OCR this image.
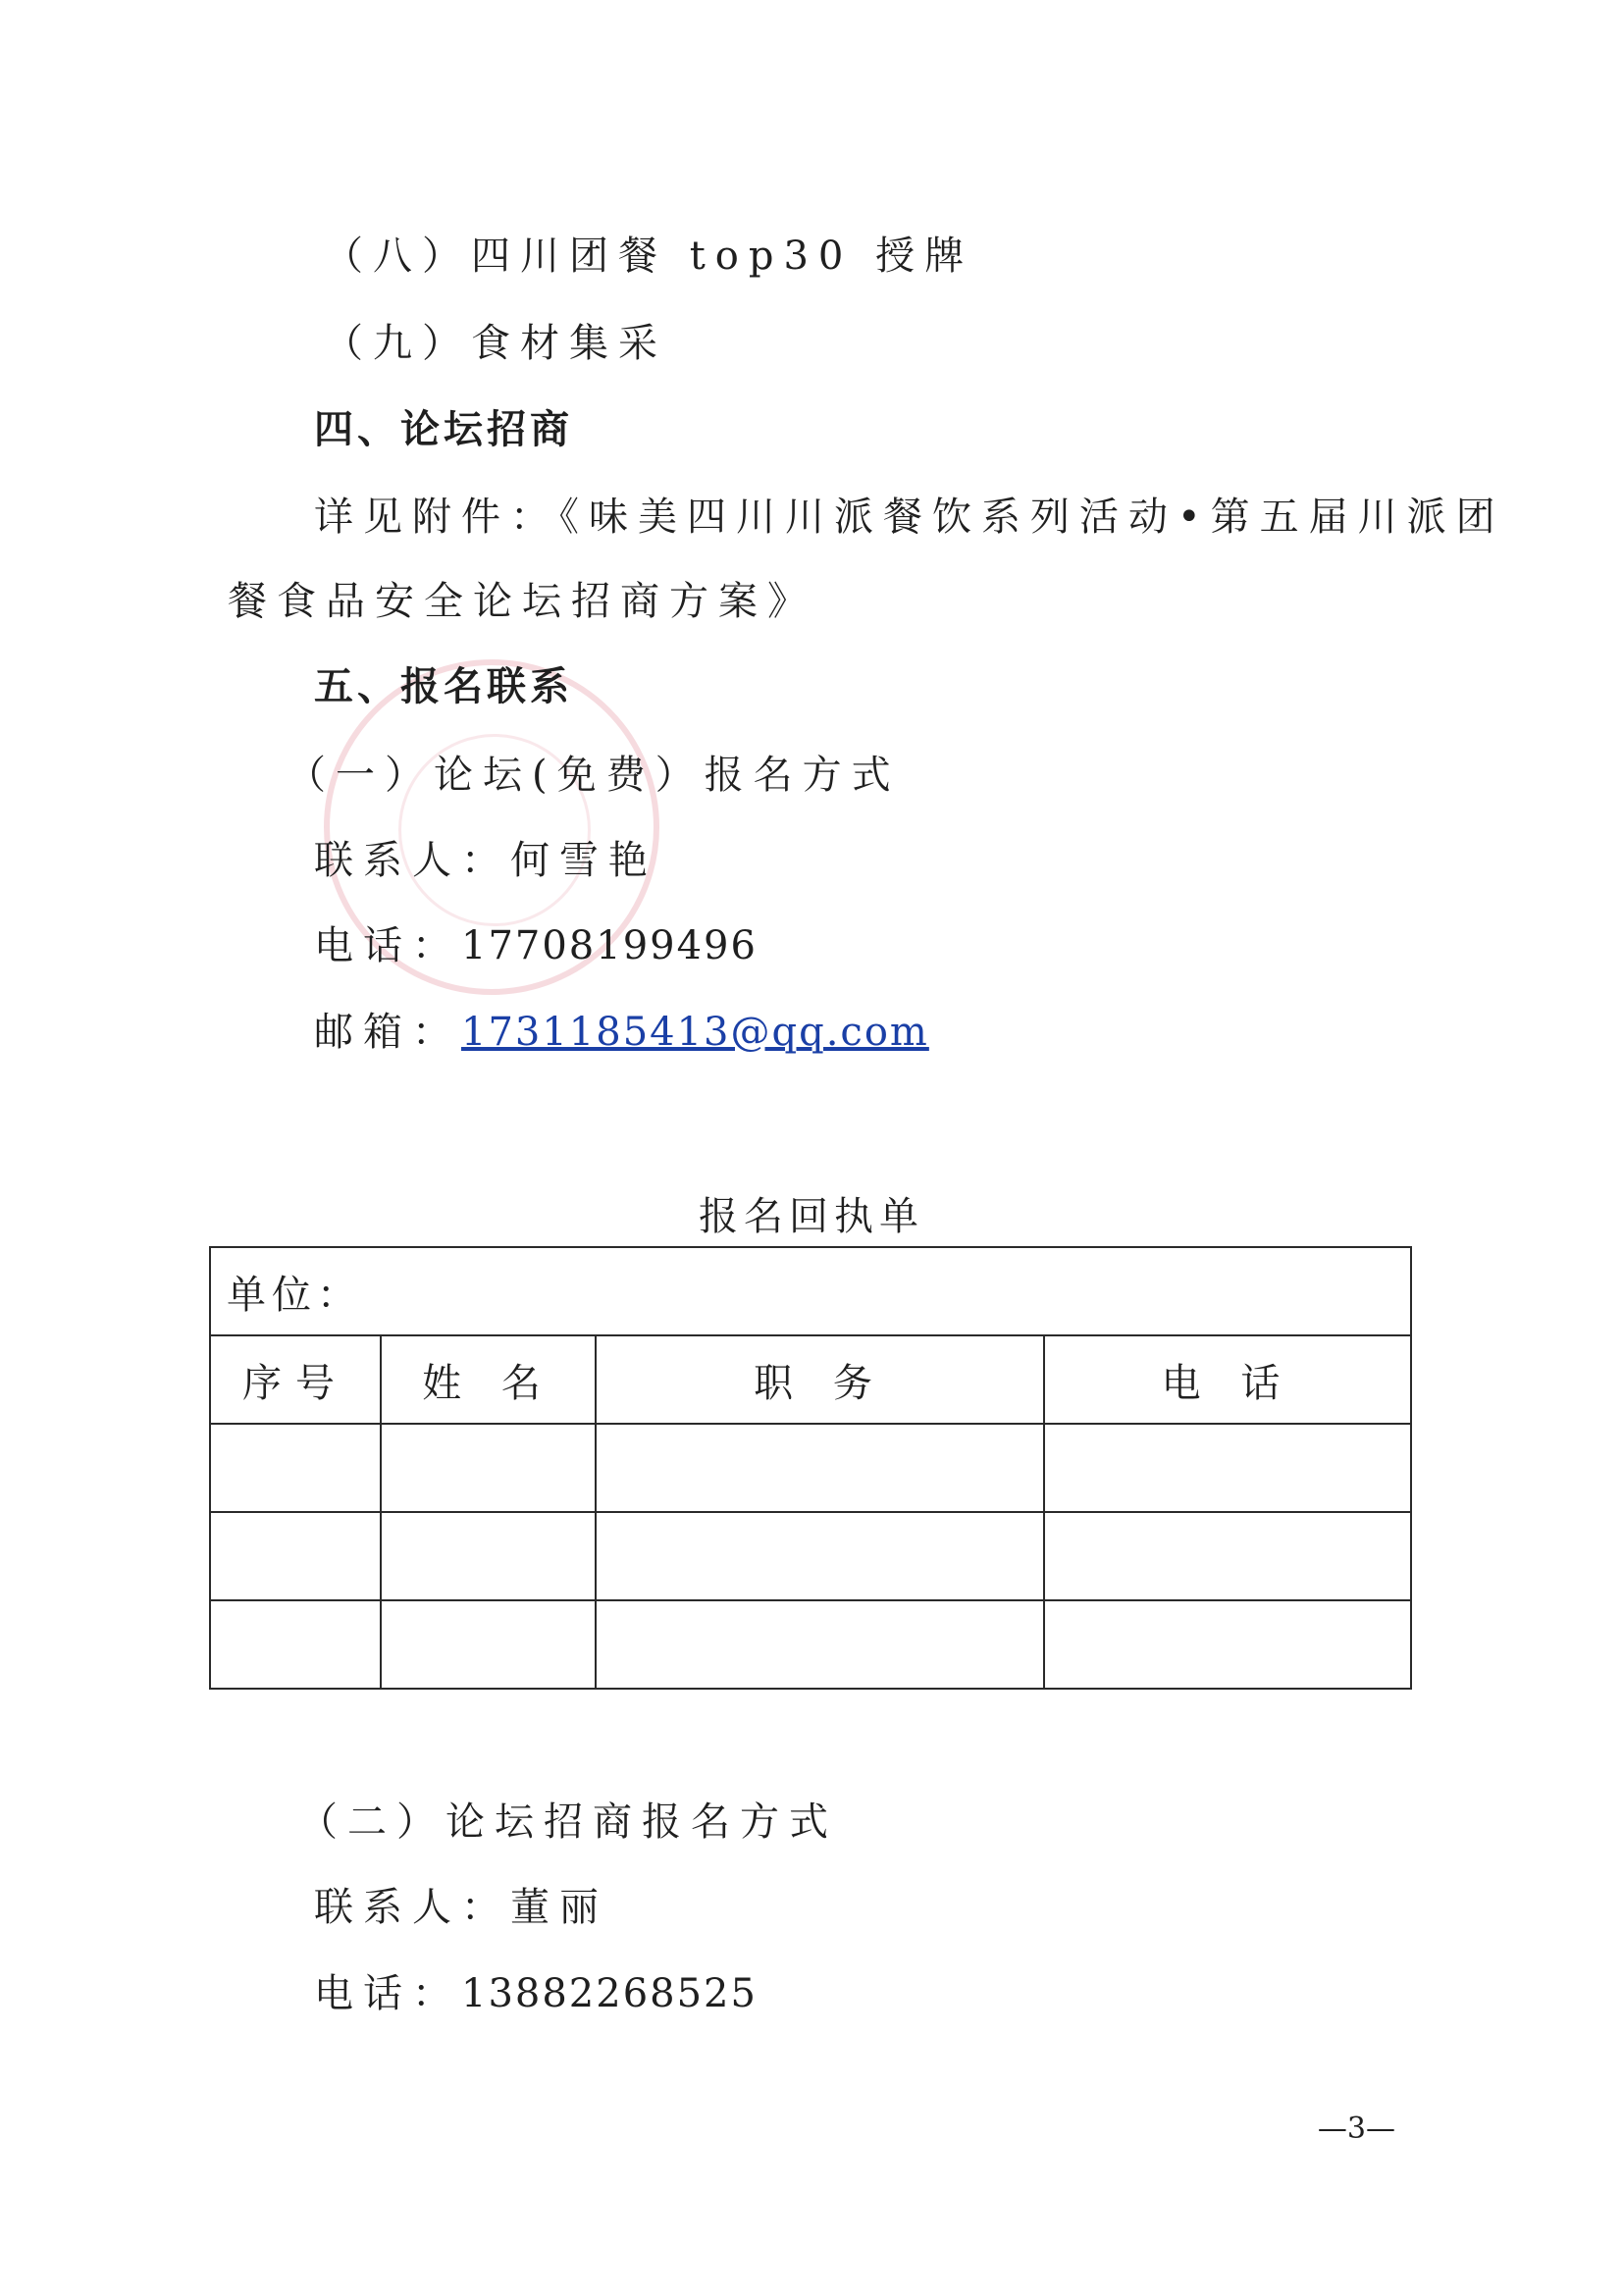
（八）四川团餐 top30 授牌
（九）食材集采
四、论坛招商
详见附件：《味美四川川派餐饮系列活动•第五届川派团
餐食品安全论坛招商方案》
五、报名联系
（一）论坛(免费）报名方式
联系人：何雪艳
电话：17708199496
邮箱：1731185413@qq.com
报名回执单
单位：			
序号	姓 名	职 务	电 话

（二）论坛招商报名方式
联系人：董丽
电话：13882268525
—3—
